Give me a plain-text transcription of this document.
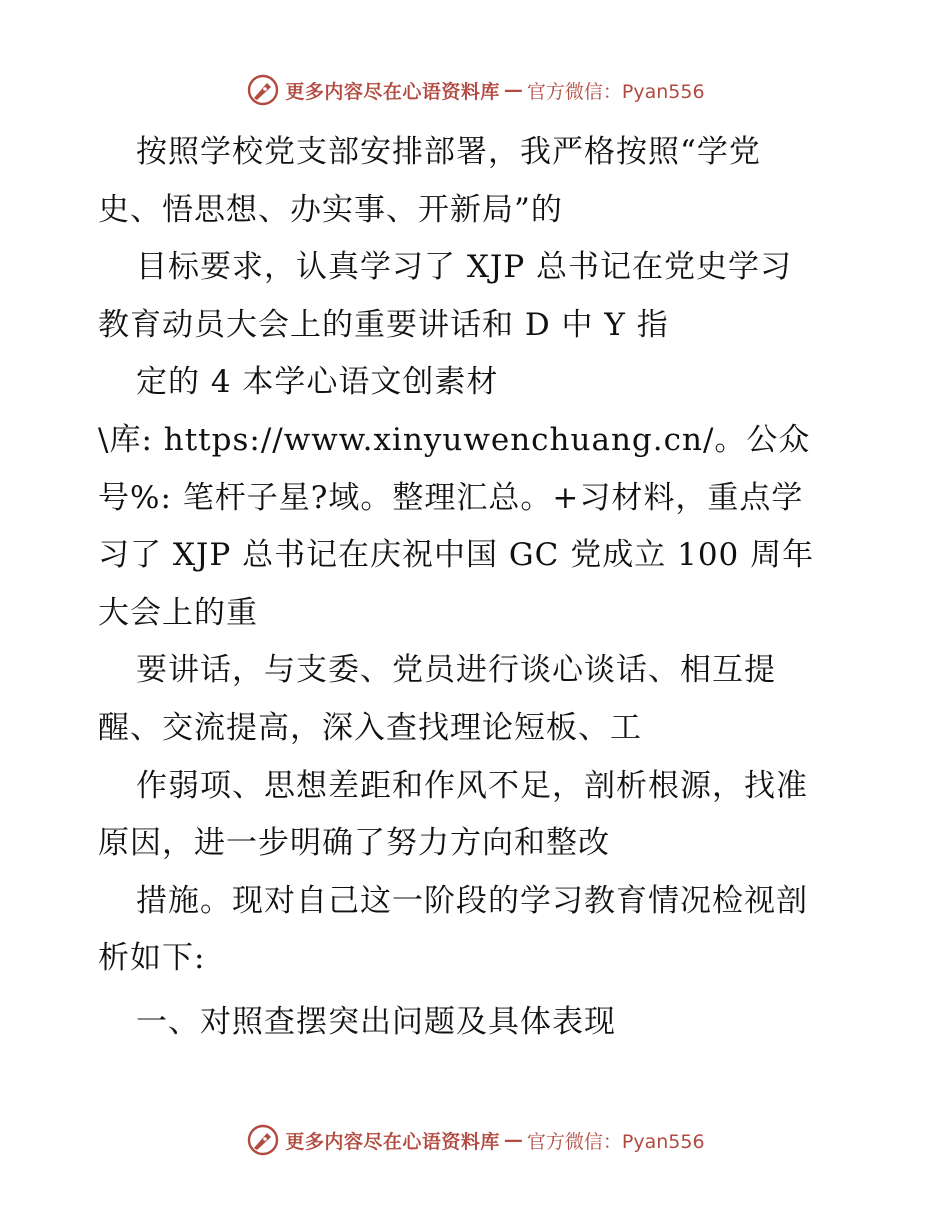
更多内容尽在心语资料库 — 官方微信：Pyan556
按照学校党支部安排部署，我严格按照“学党
史、悟思想、办实事、开新局”的
目标要求，认真学习了 XJP 总书记在党史学习
教育动员大会上的重要讲话和 D 中 Y 指
定的 4 本学心语文创素材
\库: https://www.xinyuwenchuang.cn/。公众
号%: 笔杆子星?域。整理汇总。+习材料，重点学
习了 XJP 总书记在庆祝中国 GC 党成立 100 周年
大会上的重
要讲话，与支委、党员进行谈心谈话、相互提
醒、交流提高，深入查找理论短板、工
作弱项、思想差距和作风不足，剖析根源，找准
原因，进一步明确了努力方向和整改
措施。现对自己这一阶段的学习教育情况检视剖
析如下:
一、对照查摆突出问题及具体表现
更多内容尽在心语资料库 — 官方微信：Pyan556
